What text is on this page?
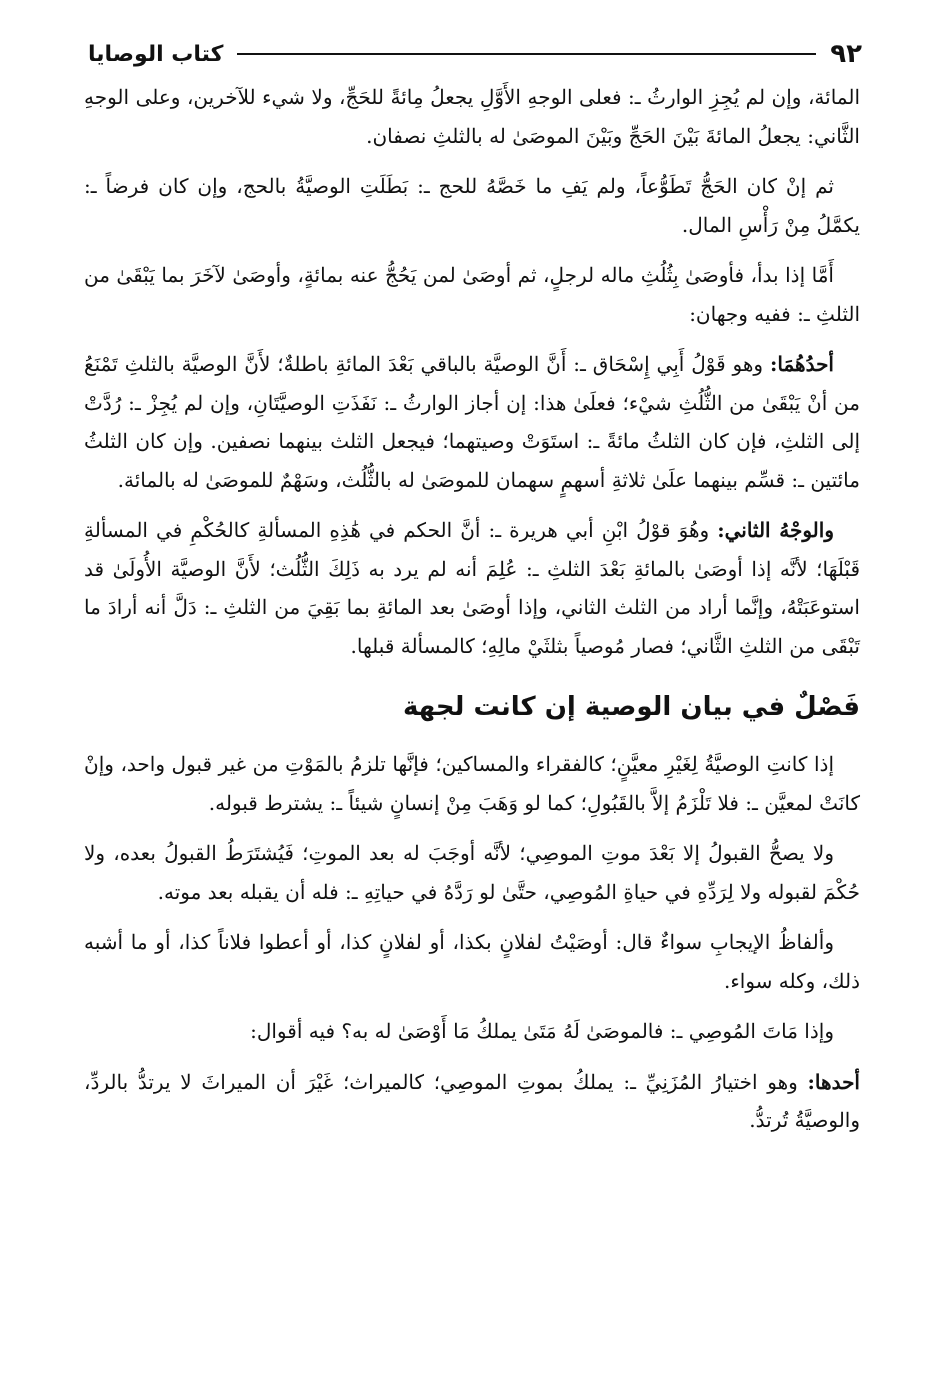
٩٢
كتاب الوصايا

المائة، وإن لم يُجِزِ الوارثُ ـ: فعلى الوجهِ الأَوَّلِ يجعلُ مِائةً للحَجِّ، ولا شيء للآخرين، وعلى الوجهِ الثَّاني: يجعلُ المائةَ بَيْنَ الحَجِّ وبَيْنَ الموصَىٰ له بالثلثِ نصفان.

ثم إنْ كان الحَجُّ تَطَوُّعاً، ولم يَفِ ما خَصَّهُ للحج ـ: بَطَلَتِ الوصيَّةُ بالحج، وإن كان فرضاً ـ: يكمَّلُ مِنْ رَأْسِ المال.

أَمَّا إذا بدأ، فأوصَىٰ بِثُلُثِ ماله لرجلٍ، ثم أوصَىٰ لمن يَحُجُّ عنه بمائةٍ، وأوصَىٰ لآخَرَ بما يَبْقَىٰ من الثلثِ ـ: ففيه وجهان:

أحدُهُمَا: وهو قَوْلُ أَبِي إِسْحَاق ـ: أَنَّ الوصيَّة بالباقي بَعْدَ المائةِ باطلةٌ؛ لأَنَّ الوصيَّة بالثلثِ تَمْنَعُ من أنْ يَبْقَىٰ من الثُّلُثِ شيْء؛ فعلَىٰ هذا: إن أجاز الوارثُ ـ: نَفَذَتِ الوصيَّتَانِ، وإن لم يُجِزْ ـ: رُدَّتْ إلى الثلثِ، فإن كان الثلثُ مائةً ـ: استَوَتْ وصيتهما؛ فيجعل الثلث بينهما نصفين. وإن كان الثلثُ مائتين ـ: قسِّم بينهما علَىٰ ثلاثةِ أسهمٍ سهمان للموصَىٰ له بالثُّلُث، وسَهْمٌ للموصَىٰ له بالمائة.

والوجْهُ الثاني: وهُوَ قوْلُ ابْنِ أبي هريرة ـ: أنَّ الحكم في هَٰذِهِ المسألةِ كالحُكْمِ في المسألةِ قَبْلَهَا؛ لأنَّه إذا أوصَىٰ بالمائةِ بَعْدَ الثلثِ ـ: عُلِمَ أنه لم يرد به ذَلِكَ الثُّلُث؛ لأَنَّ الوصيَّة الأُولَىٰ قد استوعَبَتْهُ، وإنَّما أراد من الثلث الثاني، وإذا أوصَىٰ بعد المائةِ بما بَقِيَ من الثلثِ ـ: دَلَّ أنه أرادَ ما تَبْقَى من الثلثِ الثَّاني؛ فصار مُوصياً بثلثَيْ مالِهِ؛ كالمسألة قبلها.

فَصْلٌ في بيان الوصية إن كانت لجهة

إذا كانتِ الوصيَّةُ لِغَيْرِ معيَّنٍ؛ كالفقراء والمساكين؛ فإنَّها تلزمُ بالمَوْتِ من غير قبول واحد، وإنْ كانَتْ لمعيَّن ـ: فلا تَلْزَمُ إلاَّ بالقَبُولِ؛ كما لو وَهَبَ مِنْ إنسانٍ شيئاً ـ: يشترط قبوله.

ولا يصحُّ القبولُ إلا بَعْدَ موتِ الموصِي؛ لأنَّه أوجَبَ له بعد الموتِ؛ فَيُشتَرَطُ القبولُ بعده، ولا حُكْمَ لقبوله ولا لِرَدِّهِ في حياةِ المُوصِي، حتَّىٰ لو رَدَّهُ في حياتِهِ ـ: فله أن يقبله بعد موته.

وألفاظُ الإيجابِ سواءٌ قال: أوصَيْتُ لفلانٍ بكذا، أو لفلانٍ كذا، أو أعطوا فلاناً كذا، أو ما أشبه ذلك، وكله سواء.

وإذا مَاتَ المُوصِي ـ: فالموصَىٰ لَهُ مَتَىٰ يملكُ مَا أَوْصَىٰ له به؟ فيه أقوال:

أحدها: وهو اختيارُ المُزَنِيِّ ـ: يملكُ بموتِ الموصِي؛ كالميراث؛ غَيْرَ أن الميراثَ لا يرتدُّ بالردِّ، والوصيَّةُ تُرتدُّ.
